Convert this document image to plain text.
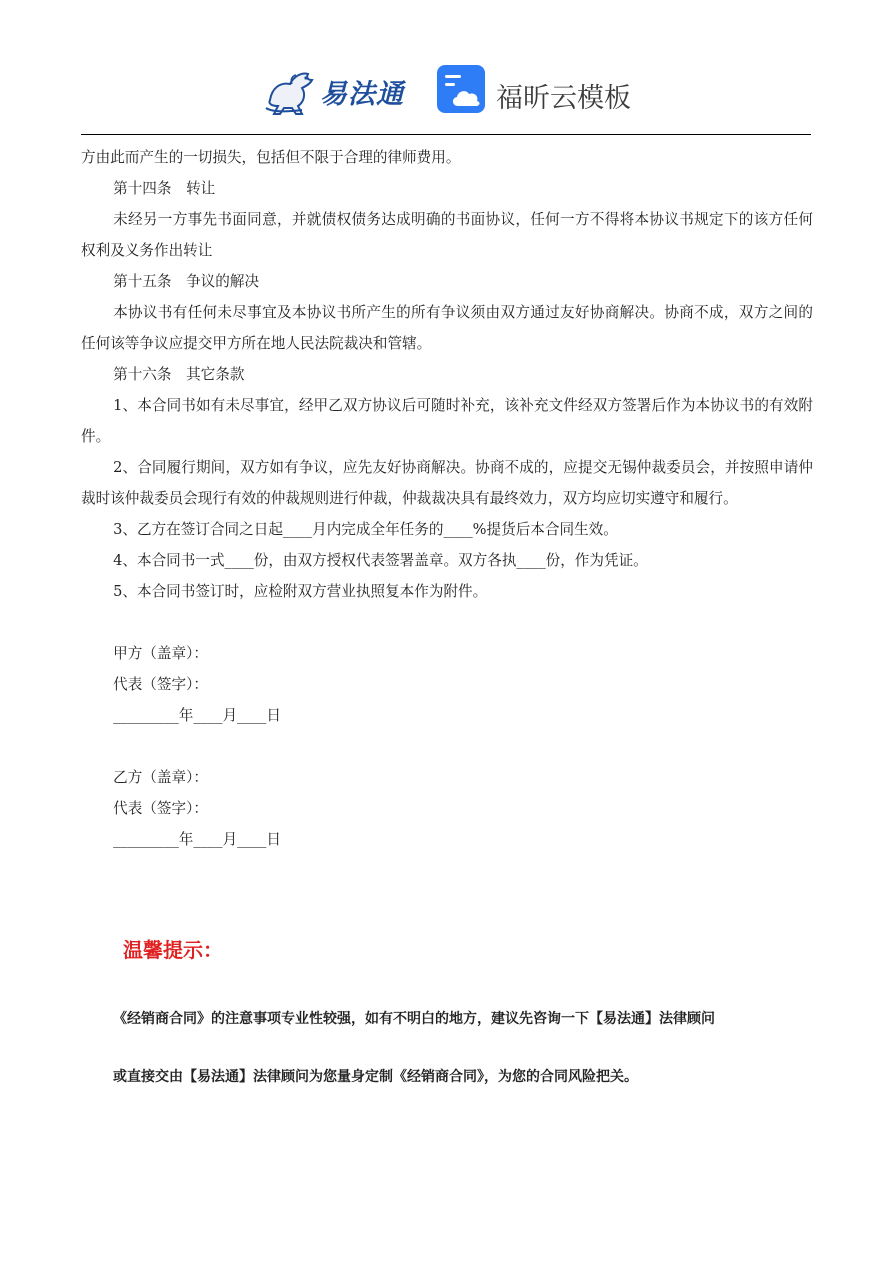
易法通	福昕云模板

方由此而产生的一切损失，包括但不限于合理的律师费用。

第十四条　转让

未经另一方事先书面同意，并就债权债务达成明确的书面协议，任何一方不得将本协议书规定下的该方任何权利及义务作出转让

第十五条　争议的解决

本协议书有任何未尽事宜及本协议书所产生的所有争议须由双方通过友好协商解决。协商不成，双方之间的任何该等争议应提交甲方所在地人民法院裁决和管辖。

第十六条　其它条款

1、本合同书如有未尽事宜，经甲乙双方协议后可随时补充，该补充文件经双方签署后作为本协议书的有效附件。

2、合同履行期间，双方如有争议，应先友好协商解决。协商不成的，应提交无锡仲裁委员会，并按照申请仲裁时该仲裁委员会现行有效的仲裁规则进行仲裁，仲裁裁决具有最终效力，双方均应切实遵守和履行。

3、乙方在签订合同之日起____月内完成全年任务的____%提货后本合同生效。

4、本合同书一式____份，由双方授权代表签署盖章。双方各执____份，作为凭证。

5、本合同书签订时，应检附双方营业执照复本作为附件。

甲方（盖章）：

代表（签字）：

_________年____月____日

乙方（盖章）：

代表（签字）：

_________年____月____日

温馨提示：

《经销商合同》的注意事项专业性较强，如有不明白的地方，建议先咨询一下【易法通】法律顾问

或直接交由【易法通】法律顾问为您量身定制《经销商合同》，为您的合同风险把关。
